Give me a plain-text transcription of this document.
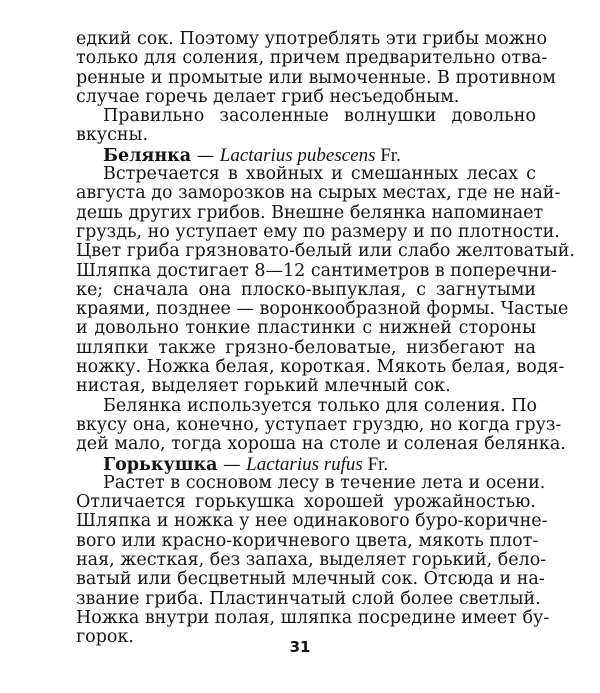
едкий сок. Поэтому употреблять эти грибы можно
только для соления, причем предварительно отва-
ренные и промытые или вымоченные. В противном
случае горечь делает гриб несъедобным.
Правильно засоленные волнушки довольно
вкусны.
Белянка — Lactarius pubescens Fr.
Встречается в хвойных и смешанных лесах с
августа до заморозков на сырых местах, где не най-
дешь других грибов. Внешне белянка напоминает
груздь, но уступает ему по размеру и по плотности.
Цвет гриба грязновато-белый или слабо желтоватый.
Шляпка достигает 8—12 сантиметров в поперечни-
ке; сначала она плоско-выпуклая, с загнутыми
краями, позднее — воронкообразной формы. Частые
и довольно тонкие пластинки с нижней стороны
шляпки также грязно-беловатые, низбегают на
ножку. Ножка белая, короткая. Мякоть белая, водя-
нистая, выделяет горький млечный сок.
Белянка используется только для соления. По
вкусу она, конечно, уступает груздю, но когда груз-
дей мало, тогда хороша на столе и соленая белянка.
Горькушка — Lactarius rufus Fr.
Растет в сосновом лесу в течение лета и осени.
Отличается горькушка хорошей урожайностью.
Шляпка и ножка у нее одинакового буро-коричне-
вого или красно-коричневого цвета, мякоть плот-
ная, жесткая, без запаха, выделяет горький, бело-
ватый или бесцветный млечный сок. Отсюда и на-
звание гриба. Пластинчатый слой более светлый.
Ножка внутри полая, шляпка посредине имеет бу-
горок.	31
